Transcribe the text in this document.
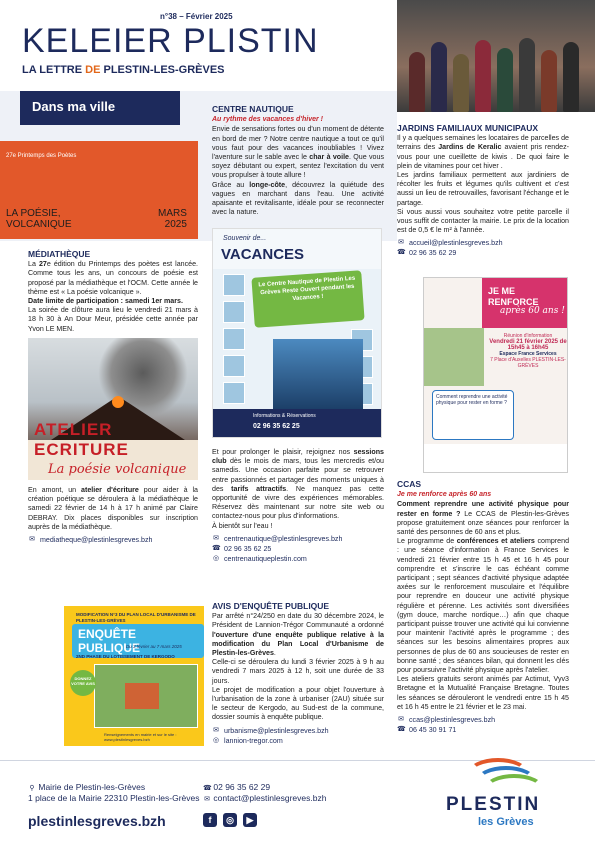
n°38 – Février 2025
KELEIER PLISTIN
LA LETTRE DE PLESTIN-LES-GRÈVES
Dans ma ville
27e Printemps des Poètes
LA POÉSIE,
VOLCANIQUE
MARS
2025
MÉDIATHÈQUE

La 27e édition du Printemps des poètes est lancée. Comme tous les ans, un concours de poésie est proposé par la médiathèque et l'OCM. Cette année le thème est « La poésie volcanique ».

Date limite de participation : samedi 1er mars.

La soirée de clôture aura lieu le vendredi 21 mars à 18 h 30 à An Dour Meur, présidée cette année par Yvon LE MEN.

ATELIER ECRITURE
La poésie volcanique

En amont, un atelier d'écriture pour aider à la création poétique se déroulera à la médiathèque le samedi 22 février de 14 h à 17 h animé par Claire DEBRAY. Dix places disponibles sur inscription auprès de la médiathèque.

✉ mediatheque@plestinlesgreves.bzh
CENTRE NAUTIQUE
Au rythme des vacances d'hiver !

Envie de sensations fortes ou d'un moment de détente en bord de mer ? Notre centre nautique a tout ce qu'il vous faut pour des vacances inoubliables ! Vivez l'aventure sur le sable avec le char à voile. Que vous soyez débutant ou expert, sentez l'excitation du vent vous propulser à toute allure !

Grâce au longe-côte, découvrez la quiétude des vagues en marchant dans l'eau. Une activité apaisante et revitalisante, idéale pour se reconnecter avec la nature.

Souvenir de...
VACANCES
Le Centre Nautique de Plestin Les Grèves Reste Ouvert pendant les Vacances !
Informations & Réservations
02 96 35 62 25

Et pour prolonger le plaisir, rejoignez nos sessions club dès le mois de mars, tous les mercredis et/ou samedis. Une occasion parfaite pour se retrouver entre passionnés et partager des moments uniques à des tarifs attractifs. Ne manquez pas cette opportunité de vivre des expériences mémorables. Réservez dès maintenant sur notre site web ou contactez-nous pour plus d'informations.

À bientôt sur l'eau !

✉ centrenautique@plestinlesgreves.bzh
☎ 02 96 35 62 25
◎ centrenautiqueplestin.com
JARDINS FAMILIAUX MUNICIPAUX

Il y a quelques semaines les locataires de parcelles de terrains des Jardins de Keralic avaient pris rendez-vous pour une cueillette de kiwis . De quoi faire le plein de vitamines pour cet hiver .

Les jardins familiaux permettent aux jardiniers de récolter les fruits et légumes qu'ils cultivent et c'est aussi un lieu de retrouvailles, favorisant l'échange et le partage.

Si vous aussi vous souhaitez votre petite parcelle il vous suffit de contacter la mairie. Le prix de la location est de 0,5 € le m² à l'année.

✉ accueil@plestinlesgreves.bzh
☎ 02 96 35 62 29
JE ME RENFORCE
après 60 ans !
Réunion d'information
Vendredi 21 février 2025 de 15h45 à 16h45
Espace France Services
7 Place d'Auxelles PLESTIN-LES-GRÈVES
Comment reprendre une activité physique pour rester en forme ?
CCAS
Je me renforce après 60 ans

Comment reprendre une activité physique pour rester en forme ? Le CCAS de Plestin-les-Grèves propose gratuitement onze séances pour renforcer la santé des personnes de 60 ans et plus.

Le programme de conférences et ateliers comprend : une séance d'information à France Services le vendredi 21 février entre 15 h 45 et 16 h 45 pour comprendre et s'inscrire le cas échéant comme participant ; sept séances d'activité physique adaptée axées sur le renforcement musculaire et l'équilibre pour reprendre en douceur une activité physique régulière et pérenne. Les activités sont diversifiées (gym douce, marche nordique…) afin que chaque participant puisse trouver une activité qui lui convienne pour maintenir l'activité après le programme ; des séances sur les besoins alimentaires propres aux personnes de plus de 60 ans soucieuses de rester en bonne santé ; des séances bilan, qui donnent les clés pour poursuivre l'activité physique après l'atelier.

Les ateliers gratuits seront animés par Actimut, Vyv3 Bretagne et la Mutualité Française Bretagne. Toutes les séances se dérouleront le vendredi entre 15 h 45 et 16 h 45 entre le 21 février et le 23 mai.

✉ ccas@plestinlesgreves.bzh
☎ 06 45 30 91 71
MODIFICATION N°3 DU PLAN LOCAL D'URBANISME DE
PLESTIN-LES-GRÈVES
ENQUÊTE PUBLIQUE
Du 3 février au 7 mars 2025
2ND PHASE DU LOTISSEMENT DE KERGODO
DONNEZ VOTRE AVIS
Renseignements en mairie et sur le site : www.plestinlesgreves.bzh
AVIS D'ENQUÊTE PUBLIQUE

Par arrêté n°24/250 en date du 30 décembre 2024, le Président de Lannion-Trégor Communauté a ordonné l'ouverture d'une enquête publique relative à la modification du Plan Local d'Urbanisme de Plestin-les-Grèves.

Celle-ci se déroulera du lundi 3 février 2025 à 9 h au vendredi 7 mars 2025 à 12 h, soit une durée de 33 jours.

Le projet de modification a pour objet l'ouverture à l'urbanisation de la zone à urbaniser (2AU) située sur le secteur de Kergodo, au Sud-est de la commune, dossier soumis à enquête publique.

✉ urbanisme@plestinlesgreves.bzh
◎ lannion-tregor.com
⚲ Mairie de Plestin-les-Grèves
1 place de la Mairie 22310 Plestin-les-Grèves
☎ 02 96 35 62 29
✉ contact@plestinlesgreves.bzh
plestinlesgreves.bzh	f	◎	▶
PLESTIN
les Grèves
